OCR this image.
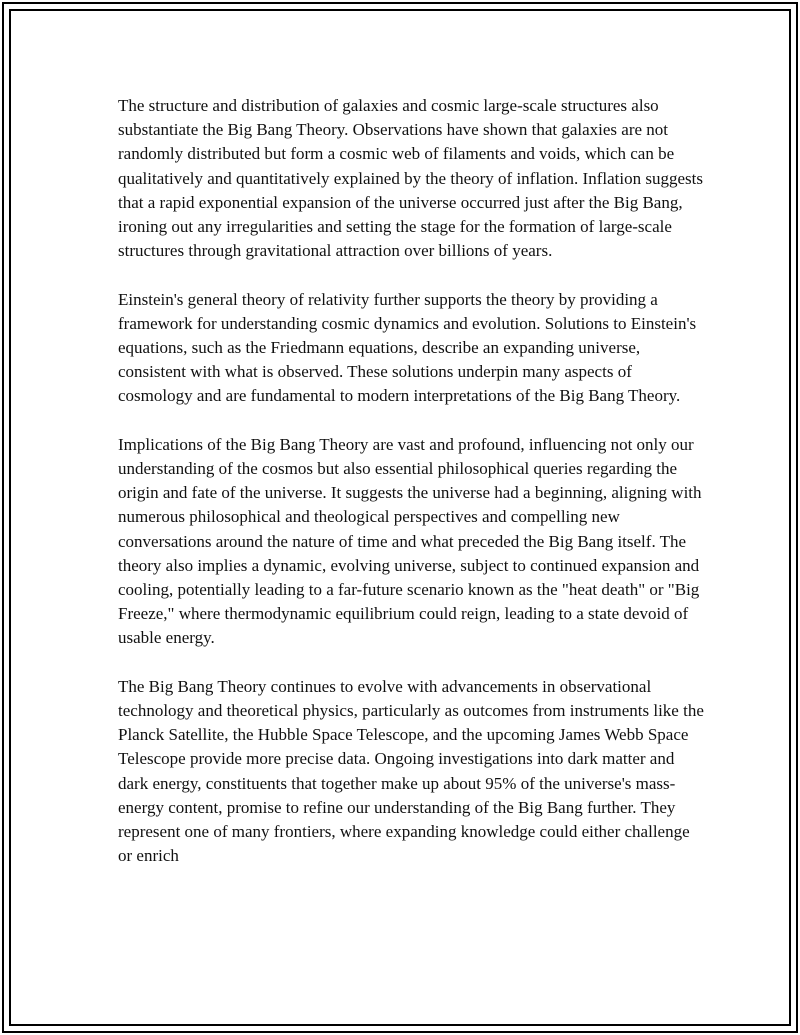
The structure and distribution of galaxies and cosmic large-scale structures also substantiate the Big Bang Theory. Observations have shown that galaxies are not randomly distributed but form a cosmic web of filaments and voids, which can be qualitatively and quantitatively explained by the theory of inflation. Inflation suggests that a rapid exponential expansion of the universe occurred just after the Big Bang, ironing out any irregularities and setting the stage for the formation of large-scale structures through gravitational attraction over billions of years.

Einstein's general theory of relativity further supports the theory by providing a framework for understanding cosmic dynamics and evolution. Solutions to Einstein's equations, such as the Friedmann equations, describe an expanding universe, consistent with what is observed. These solutions underpin many aspects of cosmology and are fundamental to modern interpretations of the Big Bang Theory.

Implications of the Big Bang Theory are vast and profound, influencing not only our understanding of the cosmos but also essential philosophical queries regarding the origin and fate of the universe. It suggests the universe had a beginning, aligning with numerous philosophical and theological perspectives and compelling new conversations around the nature of time and what preceded the Big Bang itself. The theory also implies a dynamic, evolving universe, subject to continued expansion and cooling, potentially leading to a far-future scenario known as the "heat death" or "Big Freeze," where thermodynamic equilibrium could reign, leading to a state devoid of usable energy.

The Big Bang Theory continues to evolve with advancements in observational technology and theoretical physics, particularly as outcomes from instruments like the Planck Satellite, the Hubble Space Telescope, and the upcoming James Webb Space Telescope provide more precise data. Ongoing investigations into dark matter and dark energy, constituents that together make up about 95% of the universe's mass-energy content, promise to refine our understanding of the Big Bang further. They represent one of many frontiers, where expanding knowledge could either challenge or enrich
